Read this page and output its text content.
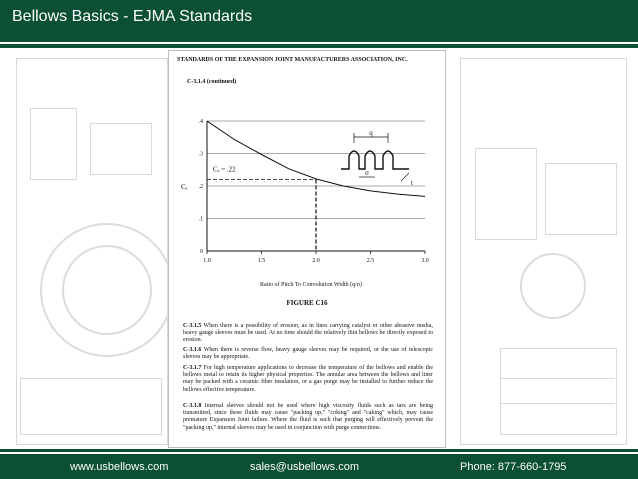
Bellows Basics - EJMA Standards
STANDARDS OF THE EXPANSION JOINT MANUFACTURERS ASSOCIATION, INC.
C-3.1.4 (continued)
1.0	1.5	2.0	2.5	3.0
.4
.3
.2
.1
0
Cₑ = .22
Cₑ
q
σ
t
Ratio of Pitch To Convolution Width (q/σ)
FIGURE C16

C-3.1.5 When there is a possibility of erosion, as in lines carrying catalyst or other abrasive media, heavy gauge sleeves must be used. At no time should the relatively thin bellows be directly exposed to erosion.

C-3.1.6 When there is reverse flow, heavy gauge sleeves may be required, or the use of telescopic sleeves may be appropriate.

C-3.1.7 For high temperature applications to decrease the temperature of the bellows and enable the bellows metal to retain its higher physical properties. The annular area between the bellows and liner may be packed with a ceramic fiber insulation, or a gas purge may be installed to further reduce the bellows effective temperature.

C-3.1.8 Internal sleeves should not be used where high viscosity fluids such as tars are being transmitted, since these fluids may cause "packing up," "coking" and "caking" which, may cause premature Expansion Joint failure. Where the fluid is such that purging will effectively prevent the "packing up," internal sleeves may be used in conjunction with purge connections.

www.usbellows.com	sales@usbellows.com	Phone: 877-660-1795
